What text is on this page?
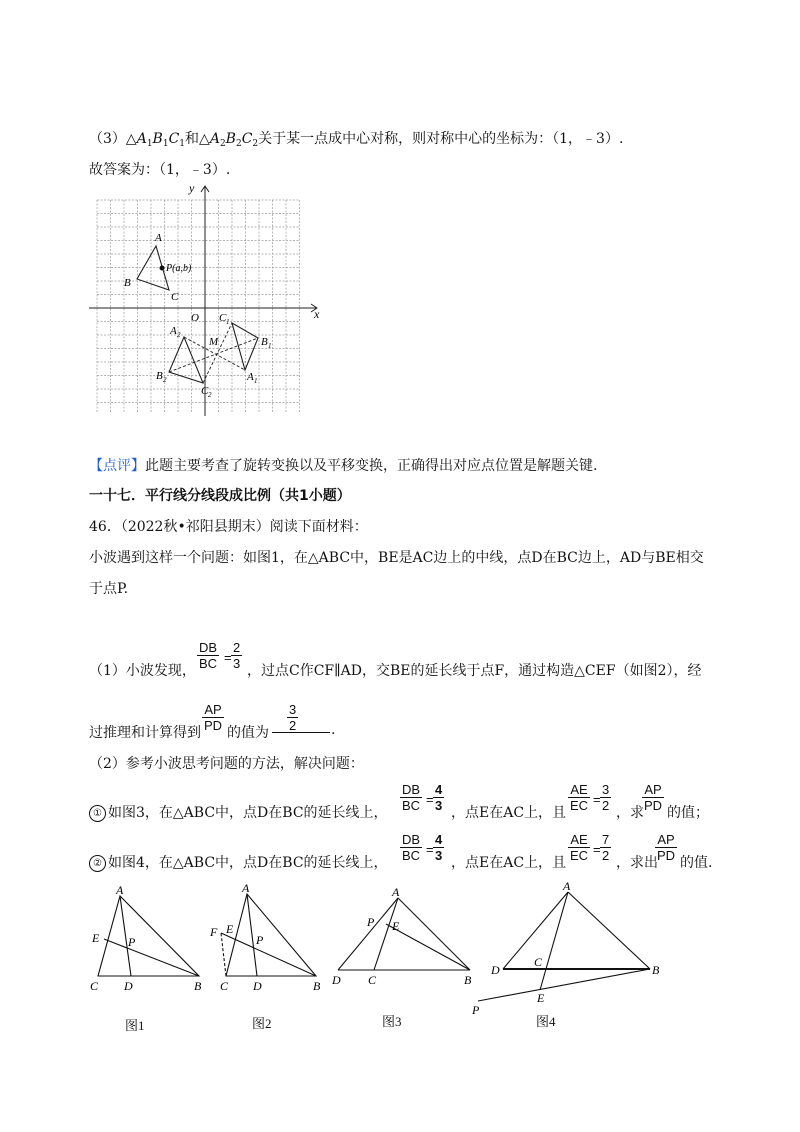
$(3)\triangle A_1B_1C_1$和$\triangle A_2B_2C_2$关于某一点成中心对称，则对称中心的坐标为：（1，﹣3）.
故答案为：（1，﹣3）.
y
x
O
A
B
C
P(a,b)
A 2
B 2
C 2
C 1
B 1
A 1
M
【点评】此题主要考查了旋转变换以及平移变换，正确得出对应点位置是解题关键.
一十七．平行线分线段成比例（共1小题）
46．（2022秋•祁阳县期末）阅读下面材料：
小波遇到这样一个问题：如图1，在△ABC中，BE是AC边上的中线，点D在BC边上，AD与BE相交
于点P.
（1）小波发现， $\frac{DB}{BC} = \frac{2}{3}$ ，过点C作CF∥AD，交BE的延长线于点F，通过构造△CEF（如图2），经
过推理和计算得到 $\frac{AP}{PD}$ 的值为 $\frac{3}{2}$ .
（2）参考小波思考问题的方法，解决问题：
① 如图3，在△ABC中，点D在BC的延长线上， $\frac{DB}{BC} = \frac{4}{3}$ ，点E在AC上，且 $\frac{AE}{EC} = \frac{3}{2}$ ，求
$\frac{AP}{PD}$ 的值；
② 如图4，在△ABC中，点D在BC的延长线上， $\frac{DB}{BC} = \frac{4}{3}$ ，点E在AC上，且 $\frac{AE}{EC} = \frac{7}{2}$ ，求出
$\frac{AP}{PD}$ 的值.
A
E P
C D	B
A
F E
P
C D	B
A
P E
D C	B
A
D
C
B
E
P
图1	图2	图3	图4
